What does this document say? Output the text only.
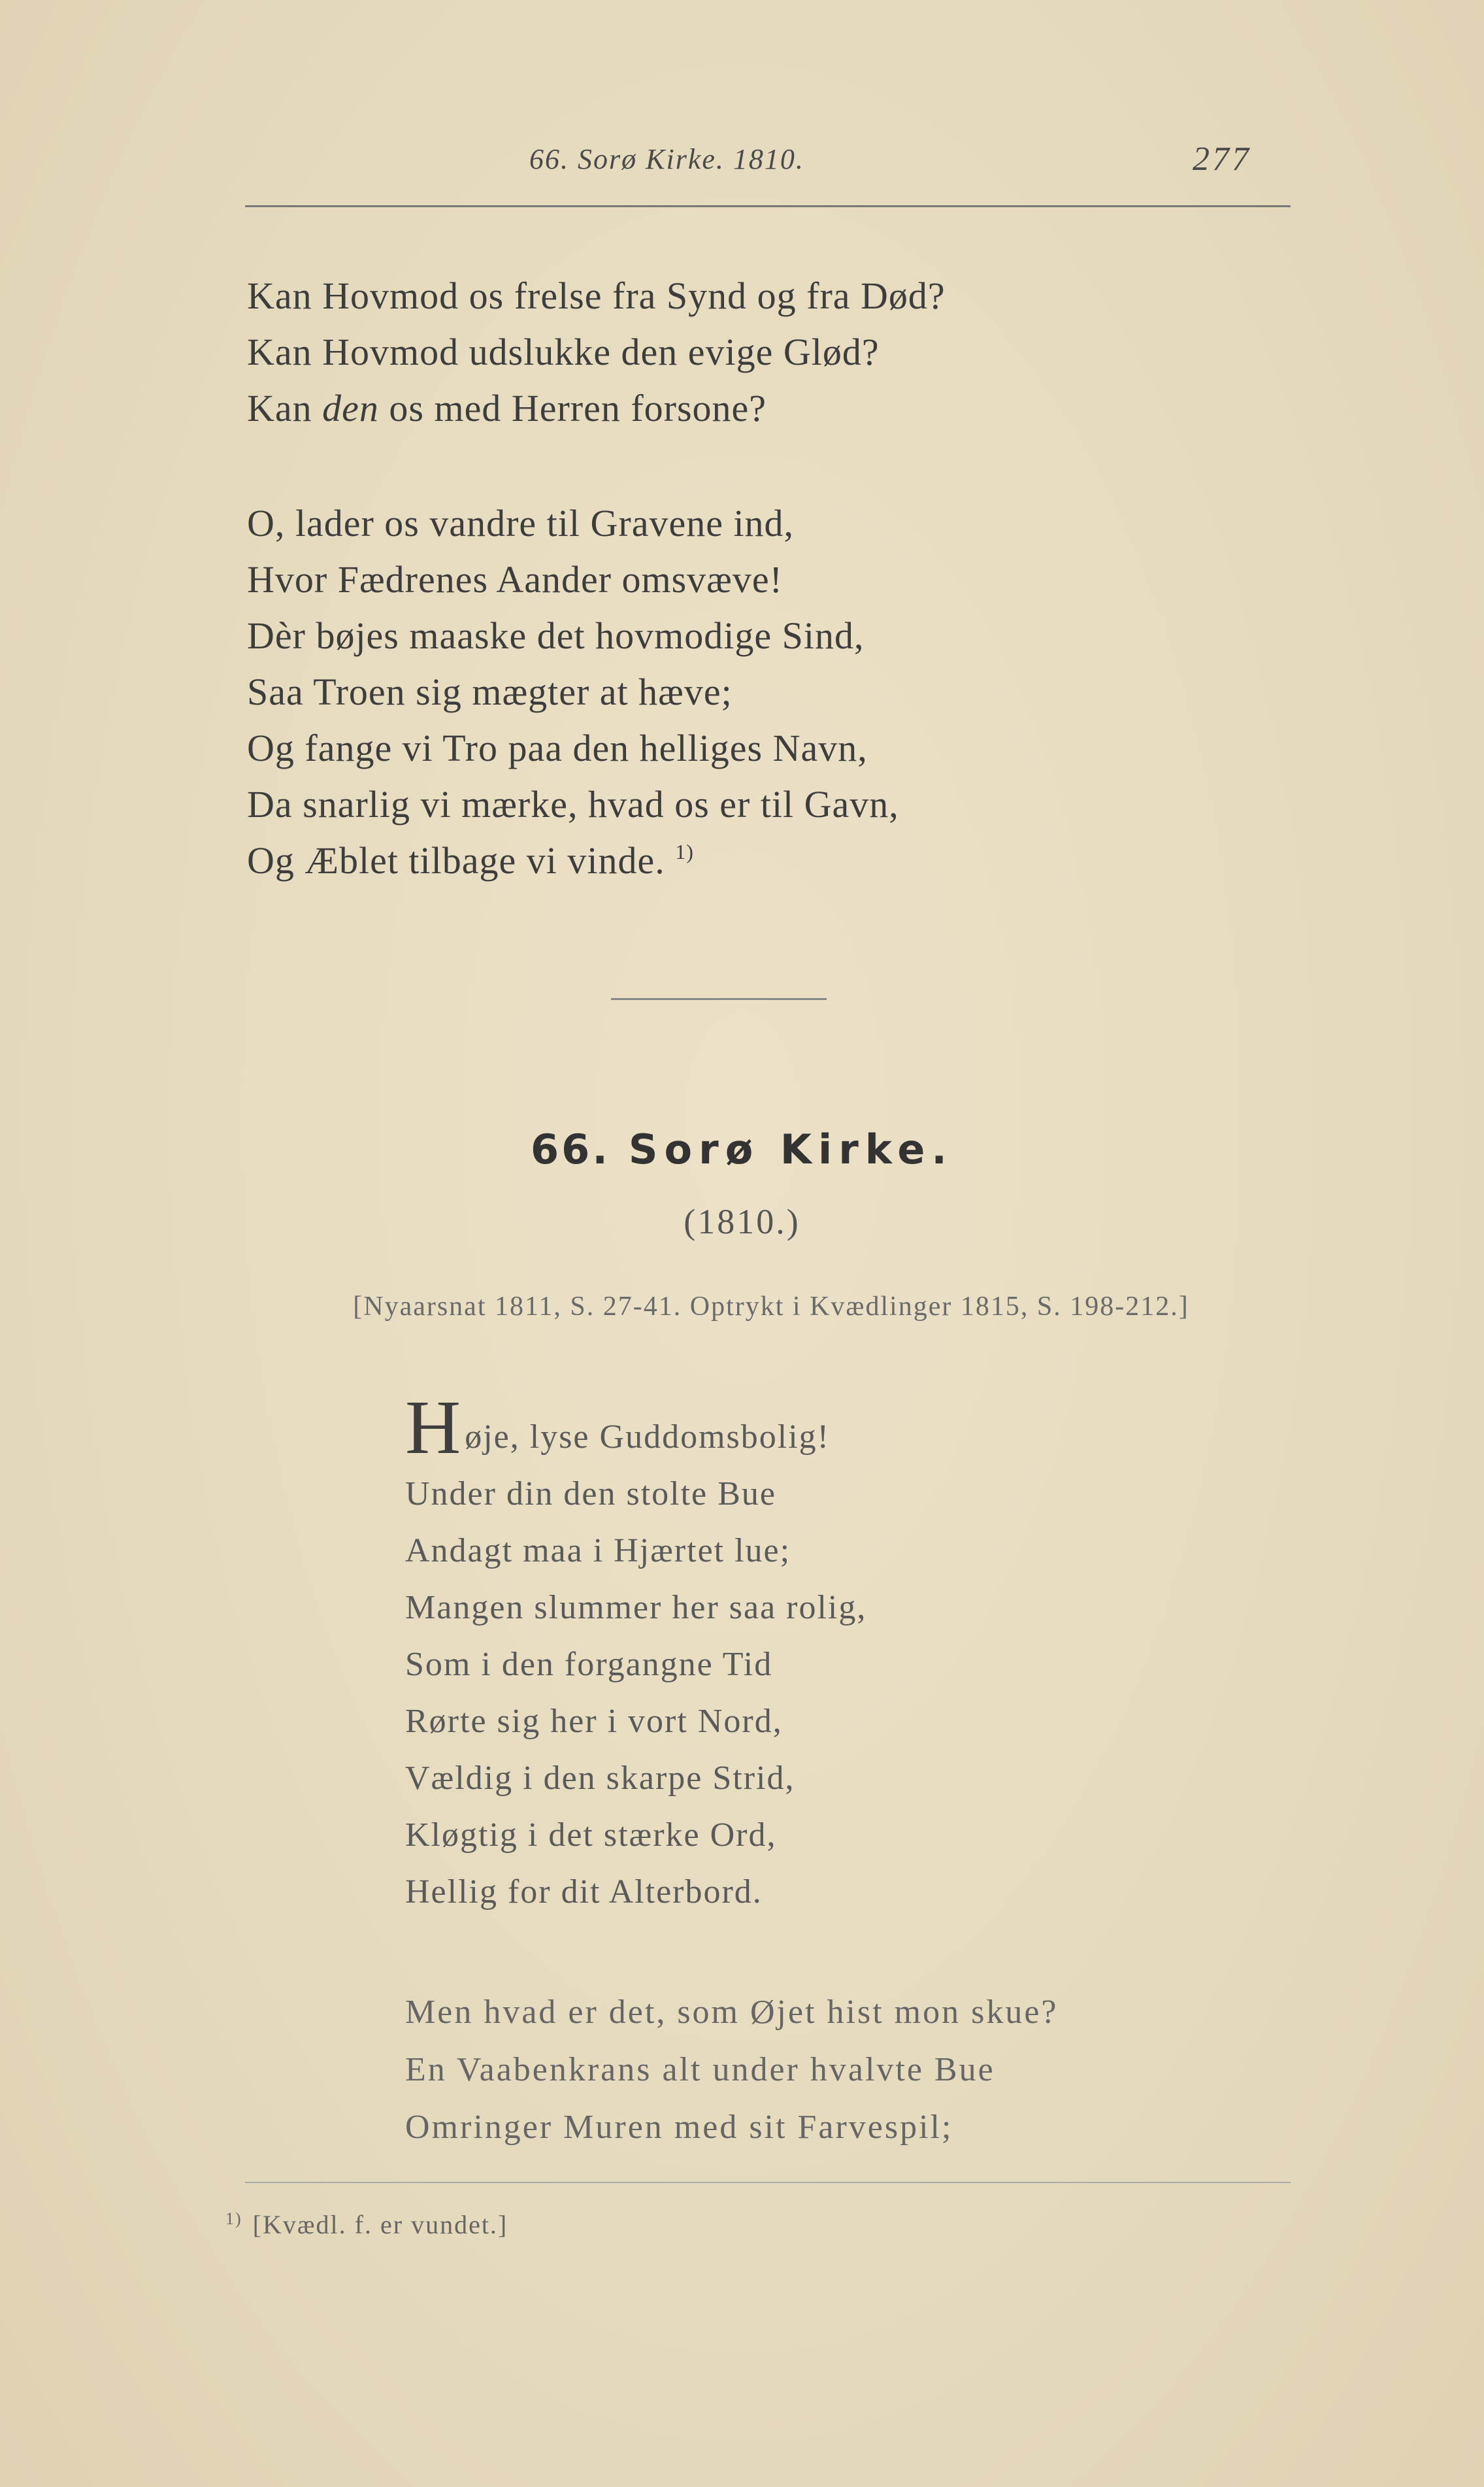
66. Sorø Kirke. 1810.	277
Kan Hovmod os frelse fra Synd og fra Død?
Kan Hovmod udslukke den evige Glød?
Kan den os med Herren forsone?
O, lader os vandre til Gravene ind,
Hvor Fædrenes Aander omsvæve!
Dèr bøjes maaske det hovmodige Sind,
Saa Troen sig mægter at hæve;
Og fange vi Tro paa den helliges Navn,
Da snarlig vi mærke, hvad os er til Gavn,
Og Æblet tilbage vi vinde. $^{1)}$
66. Sorø Kirke.
(1810.)
[Nyaarsnat 1811, S. 27-41. Optrykt i Kvædlinger 1815, S. 198-212.]
Høje, lyse Guddomsbolig!
Under din den stolte Bue
Andagt maa i Hjærtet lue;
Mangen slummer her saa rolig,
Som i den forgangne Tid
Rørte sig her i vort Nord,
Vældig i den skarpe Strid,
Kløgtig i det stærke Ord,
Hellig for dit Alterbord.
Men hvad er det, som Øjet hist mon skue?
En Vaabenkrans alt under hvalvte Bue
Omringer Muren med sit Farvespil;
$^{1)}$ [Kvædl. f. er vundet.]
